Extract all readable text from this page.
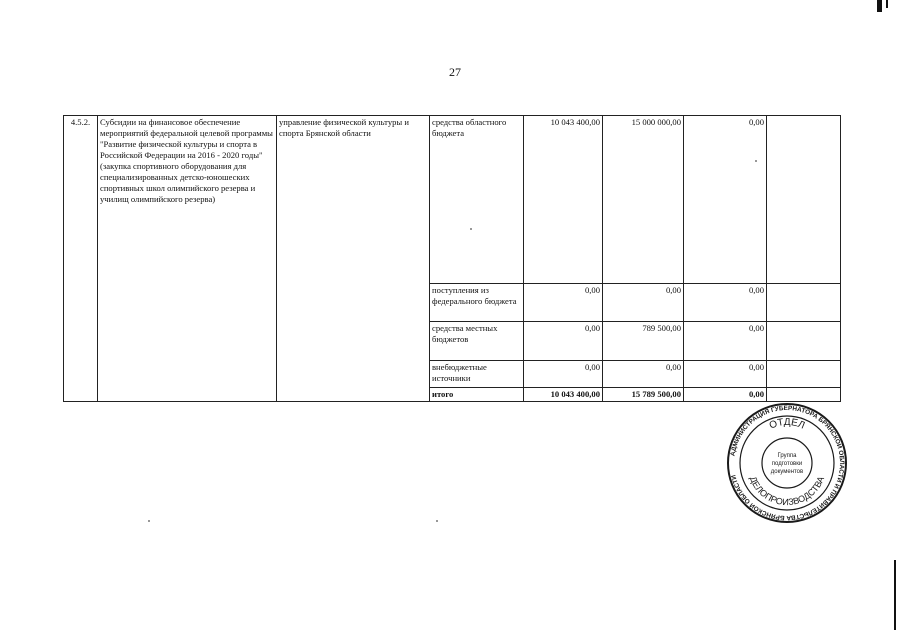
27
4.5.2.	Субсидии на финансовое обеспечение мероприятий федеральной целевой программы "Развитие физической культуры и спорта в Российской Федерации на 2016 - 2020 годы" (закупка спортивного оборудования для специализированных детско-юношеских спортивных школ олимпийского резерва и училищ олимпийского резерва)	управление физической культуры и спорта Брянской области	средства областного бюджета	10 043 400,00	15 000 000,00	0,00	
			поступления из федерального бюджета	0,00	0,00	0,00	
			средства местных бюджетов	0,00	789 500,00	0,00	
			внебюджетные источники	0,00	0,00	0,00	
			итого	10 043 400,00	15 789 500,00	0,00	
АДМИНИСТРАЦИЯ ГУБЕРНАТОРА БРЯНСКОЙ ОБЛАСТИ И ПРАВИТЕЛЬСТВА БРЯНСКОЙ ОБЛАСТИ
ОТДЕЛ
ДЕЛОПРОИЗВОДСТВА
Группа
подготовки
документов
